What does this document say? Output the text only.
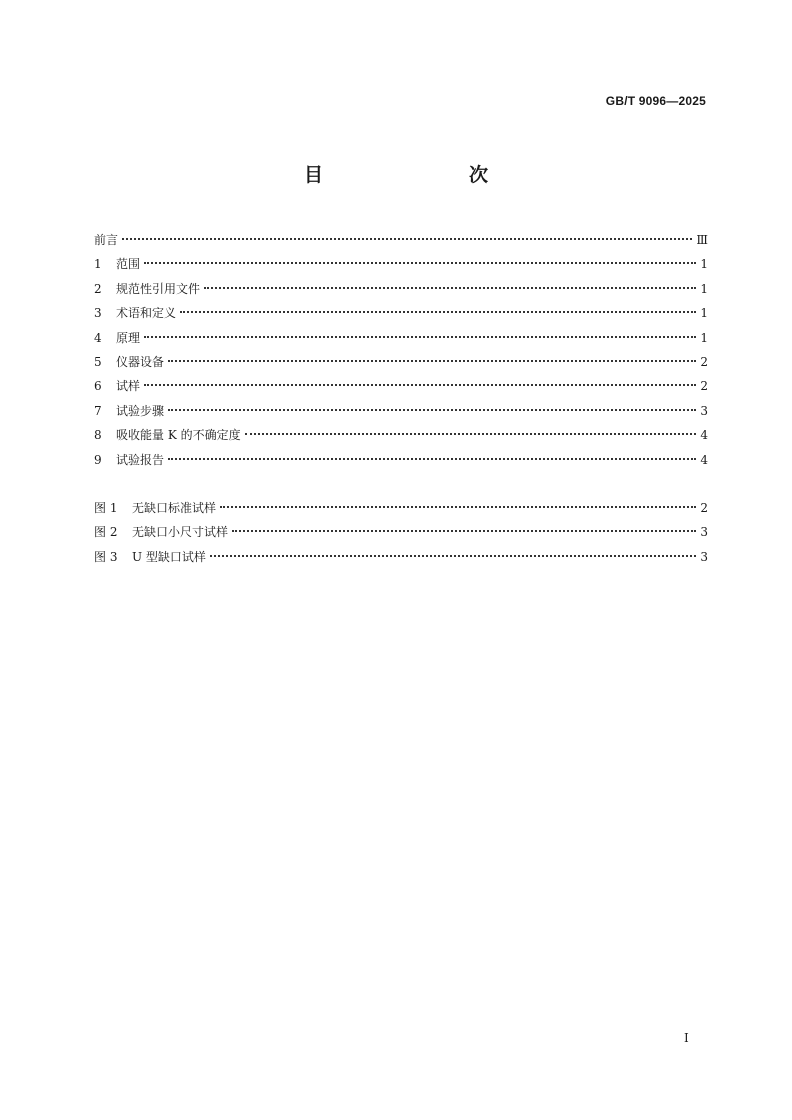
GB/T 9096—2025
目　　次
前言	Ⅲ
1	范围	1
2	规范性引用文件	1
3	术语和定义	1
4	原理	1
5	仪器设备	2
6	试样	2
7	试验步骤	3
8	吸收能量 K 的不确定度	4
9	试验报告	4
图 1	无缺口标准试样	2
图 2	无缺口小尺寸试样	3
图 3	U 型缺口试样	3
I
